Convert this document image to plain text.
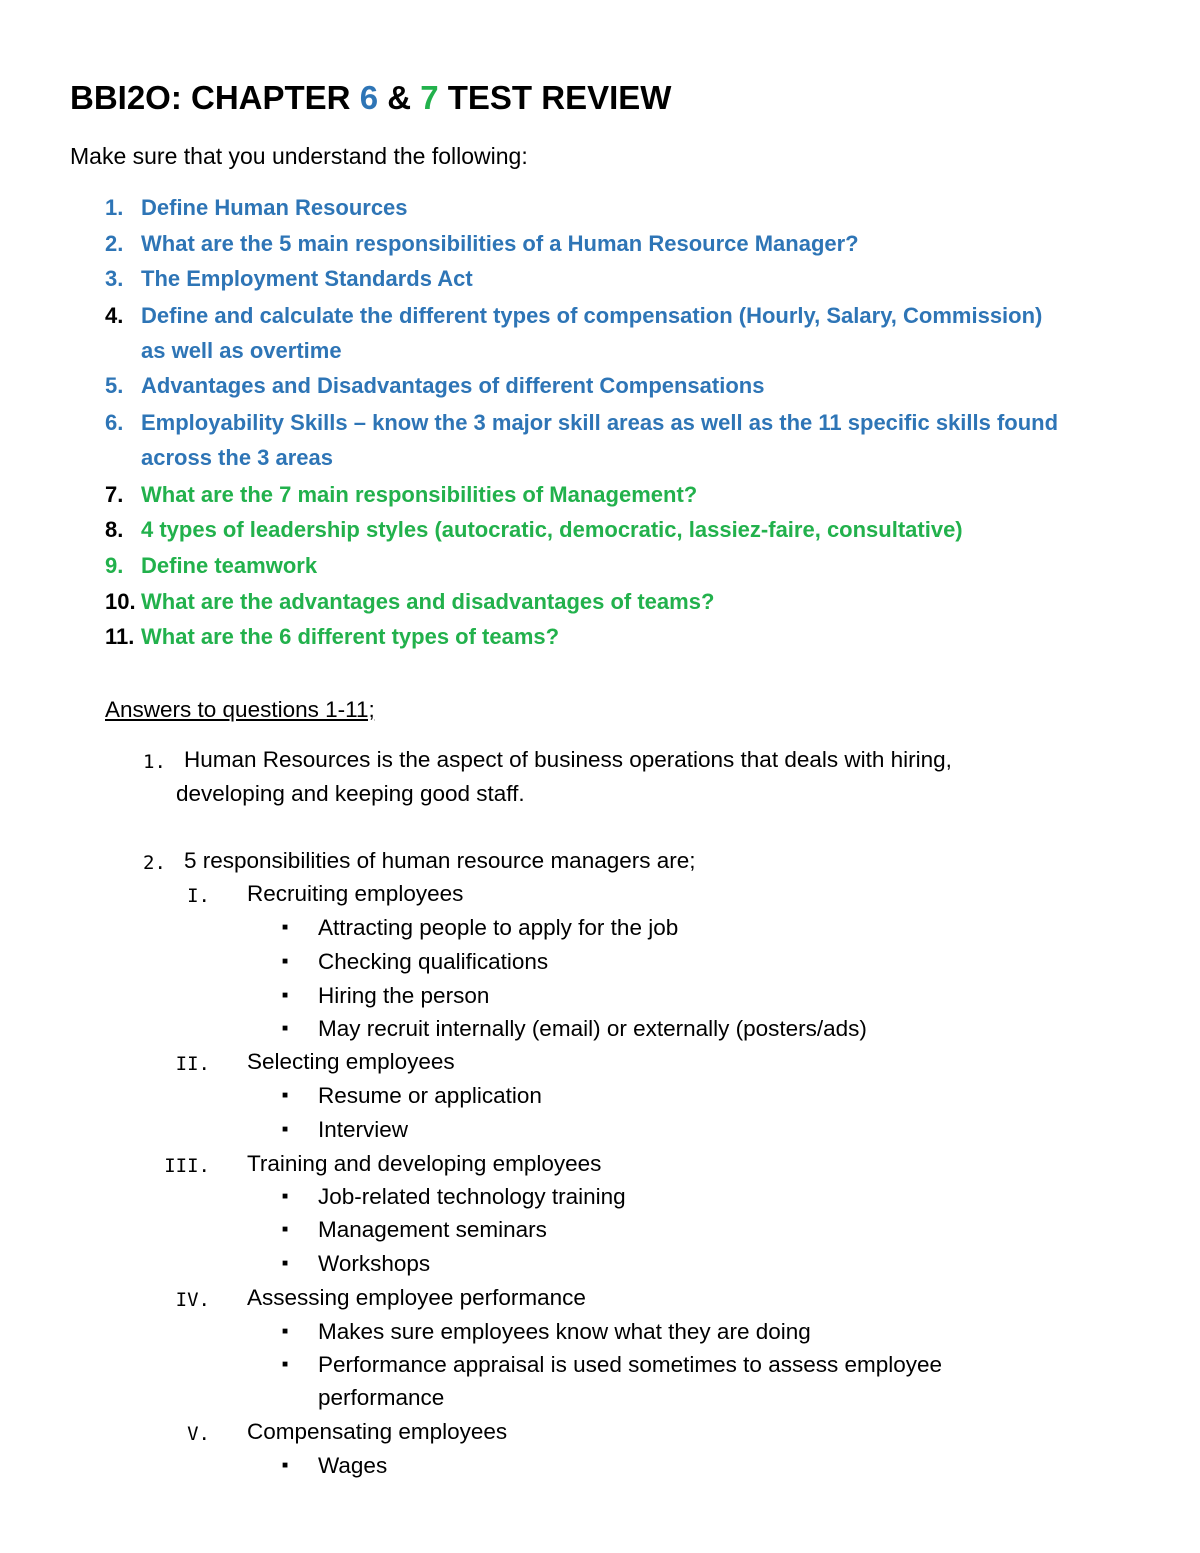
BBI2O: CHAPTER 6 & 7 TEST REVIEW
Make sure that you understand the following:
1. Define Human Resources
2. What are the 5 main responsibilities of a Human Resource Manager?
3. The Employment Standards Act
4. Define and calculate the different types of compensation (Hourly, Salary, Commission)
as well as overtime
5. Advantages and Disadvantages of different Compensations
6. Employability Skills – know the 3 major skill areas as well as the 11 specific skills found
across the 3 areas
7. What are the 7 main responsibilities of Management?
8. 4 types of leadership styles (autocratic, democratic, lassiez-faire, consultative)
9. Define teamwork
10. What are the advantages and disadvantages of teams?
11. What are the 6 different types of teams?
Answers to questions 1-11;
1. Human Resources is the aspect of business operations that deals with hiring,
developing and keeping good staff.
2. 5 responsibilities of human resource managers are;
I. Recruiting employees
■ Attracting people to apply for the job
■ Checking qualifications
■ Hiring the person
■ May recruit internally (email) or externally (posters/ads)
II. Selecting employees
■ Resume or application
■ Interview
III. Training and developing employees
■ Job-related technology training
■ Management seminars
■ Workshops
IV. Assessing employee performance
■ Makes sure employees know what they are doing
■ Performance appraisal is used sometimes to assess employee
performance
V. Compensating employees
■ Wages
